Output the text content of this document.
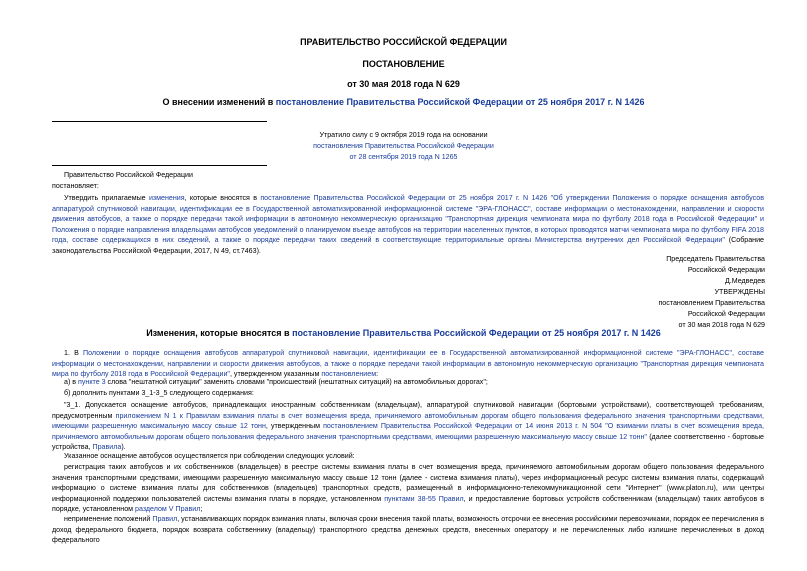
ПРАВИТЕЛЬСТВО РОССИЙСКОЙ ФЕДЕРАЦИИ
ПОСТАНОВЛЕНИЕ
от 30 мая 2018 года N 629
О внесении изменений в постановление Правительства Российской Федерации от 25 ноября 2017 г. N 1426
Утратило силу с 9 октября 2019 года на основании
постановления Правительства Российской Федерации
от 28 сентября 2019 года N 1265
Правительство Российской Федерации
постановляет:
Утвердить прилагаемые изменения, которые вносятся в постановление Правительства Российской Федерации от 25 ноября 2017 г. N 1426 "Об утверждении Положения о порядке оснащения автобусов аппаратурой спутниковой навигации, идентификации ее в Государственной автоматизированной информационной системе "ЭРА-ГЛОНАСС", составе информации о местонахождении, направлении и скорости движения автобусов, а также о порядке передачи такой информации в автономную некоммерческую организацию "Транспортная дирекция чемпионата мира по футболу 2018 года в Российской Федерации" и Положения о порядке направления владельцами автобусов уведомлений о планируемом въезде автобусов на территории населенных пунктов, в которых проводятся матчи чемпионата мира по футболу FIFA 2018 года, составе содержащихся в них сведений, а также о порядке передачи таких сведений в соответствующие территориальные органы Министерства внутренних дел Российской Федерации" (Собрание законодательства Российской Федерации, 2017, N 49, ст.7463).
Председатель Правительства
Российской Федерации
Д.Медведев
УТВЕРЖДЕНЫ
постановлением Правительства
Российской Федерации
от 30 мая 2018 года N 629
Изменения, которые вносятся в постановление Правительства Российской Федерации от 25 ноября 2017 г. N 1426
1. В Положении о порядке оснащения автобусов аппаратурой спутниковой навигации, идентификации ее в Государственной автоматизированной информационной системе "ЭРА-ГЛОНАСС", составе информации о местонахождении, направлении и скорости движения автобусов, а также о порядке передачи такой информации в автономную некоммерческую организацию "Транспортная дирекция чемпионата мира по футболу 2018 года в Российской Федерации", утвержденном указанным постановлением:
а) в пункте 3 слова "нештатной ситуации" заменить словами "происшествий (нештатных ситуаций) на автомобильных дорогах";
б) дополнить пунктами 3_1-3_5 следующего содержания:
"3_1. Допускается оснащение автобусов, принадлежащих иностранным собственникам (владельцам), аппаратурой спутниковой навигации (бортовыми устройствами), соответствующей требованиям, предусмотренным приложением N 1 к Правилам взимания платы в счет возмещения вреда, причиняемого автомобильным дорогам общего пользования федерального значения транспортными средствами, имеющими разрешенную максимальную массу свыше 12 тонн, утвержденным постановлением Правительства Российской Федерации от 14 июня 2013 г. N 504 "О взимании платы в счет возмещения вреда, причиняемого автомобильным дорогам общего пользования федерального значения транспортными средствами, имеющими разрешенную максимальную массу свыше 12 тонн" (далее соответственно - бортовые устройства, Правила).
Указанное оснащение автобусов осуществляется при соблюдении следующих условий:
регистрация таких автобусов и их собственников (владельцев) в реестре системы взимания платы в счет возмещения вреда, причиняемого автомобильным дорогам общего пользования федерального значения транспортными средствами, имеющими разрешенную максимальную массу свыше 12 тонн (далее - система взимания платы), через информационный ресурс системы взимания платы, содержащий информацию о системе взимания платы для собственников (владельцев) транспортных средств, размещенный в информационно-телекоммуникационной сети "Интернет" (www.platon.ru), или центры информационной поддержки пользователей системы взимания платы в порядке, установленном пунктами 38-55 Правил, и предоставление бортовых устройств собственникам (владельцам) таких автобусов в порядке, установленном разделом V Правил;
неприменение положений Правил, устанавливающих порядок взимания платы, включая сроки внесения такой платы, возможность отсрочки ее внесения российскими перевозчиками, порядок ее перечисления в доход федерального бюджета, порядок возврата собственнику (владельцу) транспортного средства денежных средств, внесенных оператору и не перечисленных либо излишне перечисленных в доход федерального
